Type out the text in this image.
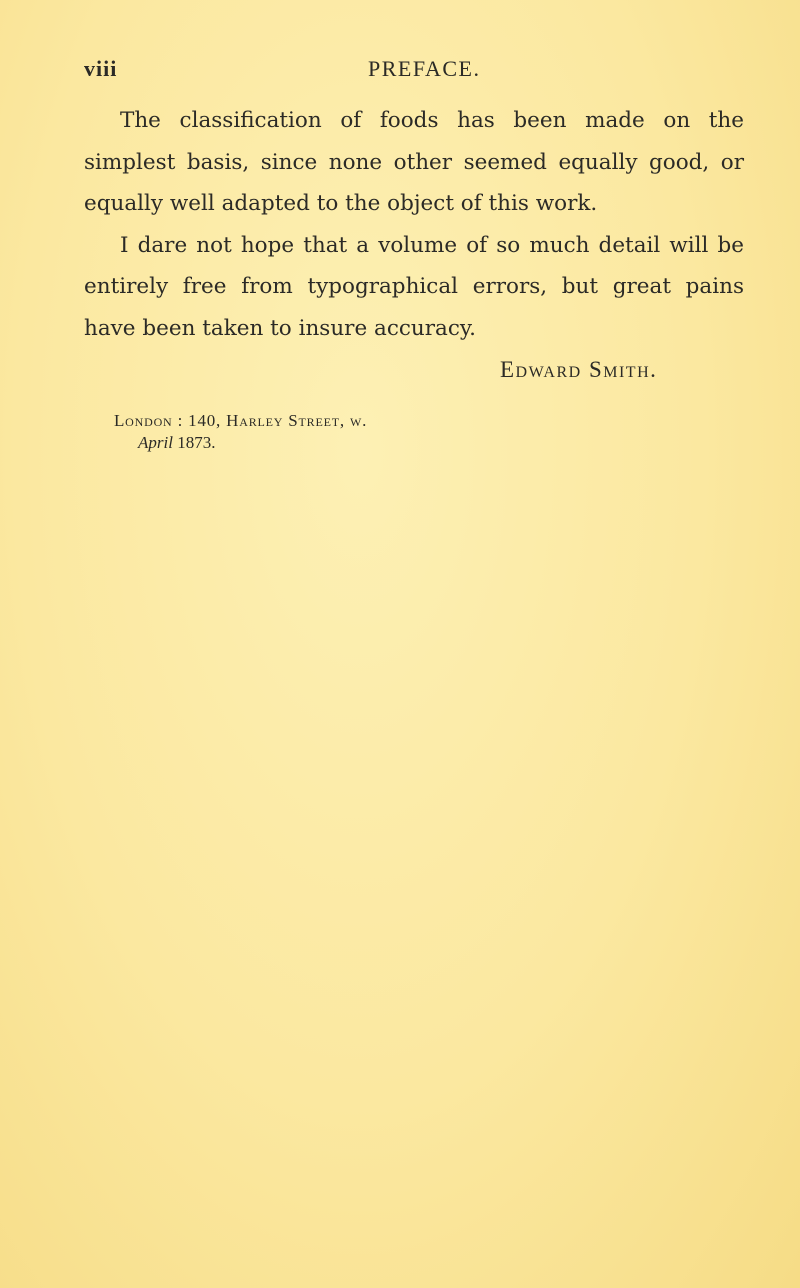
viii	PREFACE.

The classification of foods has been made on the simplest basis, since none other seemed equally good, or equally well adapted to the object of this work.

I dare not hope that a volume of so much detail will be entirely free from typographical errors, but great pains have been taken to insure accuracy.

Edward Smith.
London : 140, Harley Street, w.
April 1873.
